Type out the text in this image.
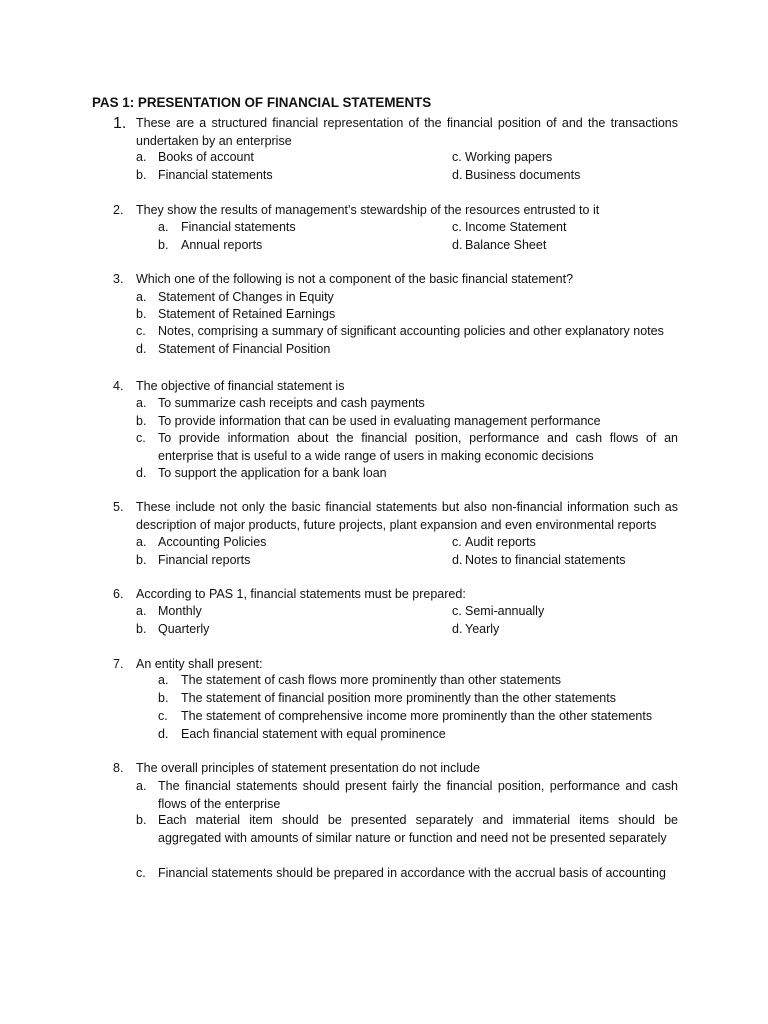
PAS 1: PRESENTATION OF FINANCIAL STATEMENTS
1. These are a structured financial representation of the financial position of and the transactions undertaken by an enterprise
a. Books of account	c. Working papers
b. Financial statements	d. Business documents
2.	They show the results of management’s stewardship of the resources entrusted to it
a. Financial statements	c. Income Statement
b. Annual reports	d. Balance Sheet
3.	Which one of the following is not a component of the basic financial statement?
a. Statement of Changes in Equity
b. Statement of Retained Earnings
c. Notes, comprising a summary of significant accounting policies and other explanatory notes
d. Statement of Financial Position
4.	The objective of financial statement is
a. To summarize cash receipts and cash payments
b. To provide information that can be used in evaluating management performance
c. To provide information about the financial position, performance and cash flows of an enterprise that is useful to a wide range of users in making economic decisions
d. To support the application for a bank loan
5.	These include not only the basic financial statements but also non-financial information such as description of major products, future projects, plant expansion and even environmental reports
a. Accounting Policies	c. Audit reports
b. Financial reports	d. Notes to financial statements
6.	According to PAS 1, financial statements must be prepared:
a. Monthly	c. Semi-annually
b. Quarterly	d. Yearly
7.	An entity shall present:
a. The statement of cash flows more prominently than other statements
b. The statement of financial position more prominently than the other statements
c. The statement of comprehensive income more prominently than the other statements
d. Each financial statement with equal prominence
8.	The overall principles of statement presentation do not include
a. The financial statements should present fairly the financial position, performance and cash flows of the enterprise
b. Each material item should be presented separately and immaterial items should be aggregated with amounts of similar nature or function and need not be presented separately
c. Financial statements should be prepared in accordance with the accrual basis of accounting
